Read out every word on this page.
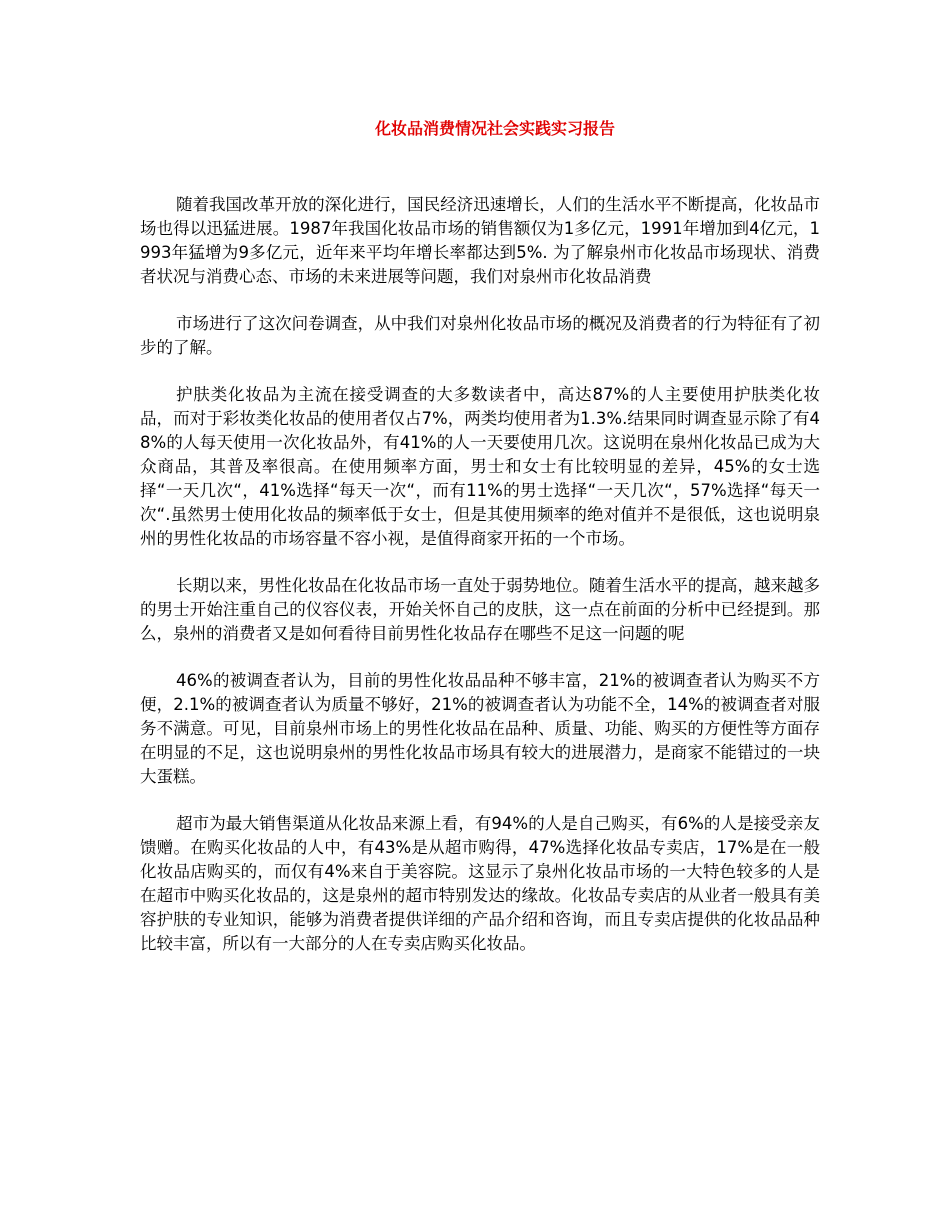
化妆品消费情况社会实践实习报告

随着我国改革开放的深化进行，国民经济迅速增长，人们的生活水平不断提高，化妆品市场也得以迅猛进展。1987年我国化妆品市场的销售额仅为1多亿元，1991年增加到4亿元，1993年猛增为9多亿元，近年来平均年增长率都达到5%. 为了解泉州市化妆品市场现状、消费者状况与消费心态、市场的未来进展等问题，我们对泉州市化妆品消费

市场进行了这次问卷调查，从中我们对泉州化妆品市场的概况及消费者的行为特征有了初步的了解。

护肤类化妆品为主流在接受调查的大多数读者中，高达87%的人主要使用护肤类化妆品，而对于彩妆类化妆品的使用者仅占7%，两类均使用者为1.3%.结果同时调查显示除了有48%的人每天使用一次化妆品外，有41%的人一天要使用几次。这说明在泉州化妆品已成为大众商品，其普及率很高。在使用频率方面，男士和女士有比较明显的差异，45%的女士选择“一天几次“，41%选择“每天一次“，而有11%的男士选择“一天几次“，57%选择“每天一次“.虽然男士使用化妆品的频率低于女士，但是其使用频率的绝对值并不是很低，这也说明泉州的男性化妆品的市场容量不容小视，是值得商家开拓的一个市场。

长期以来，男性化妆品在化妆品市场一直处于弱势地位。随着生活水平的提高，越来越多的男士开始注重自己的仪容仪表，开始关怀自己的皮肤，这一点在前面的分析中已经提到。那么，泉州的消费者又是如何看待目前男性化妆品存在哪些不足这一问题的呢

46%的被调查者认为，目前的男性化妆品品种不够丰富，21%的被调查者认为购买不方便，2.1%的被调查者认为质量不够好，21%的被调查者认为功能不全，14%的被调查者对服务不满意。可见，目前泉州市场上的男性化妆品在品种、质量、功能、购买的方便性等方面存在明显的不足，这也说明泉州的男性化妆品市场具有较大的进展潜力，是商家不能错过的一块大蛋糕。

超市为最大销售渠道从化妆品来源上看，有94%的人是自己购买，有6%的人是接受亲友馈赠。在购买化妆品的人中，有43%是从超市购得，47%选择化妆品专卖店，17%是在一般化妆品店购买的，而仅有4%来自于美容院。这显示了泉州化妆品市场的一大特色较多的人是在超市中购买化妆品的，这是泉州的超市特别发达的缘故。化妆品专卖店的从业者一般具有美容护肤的专业知识，能够为消费者提供详细的产品介绍和咨询，而且专卖店提供的化妆品品种比较丰富，所以有一大部分的人在专卖店购买化妆品。
